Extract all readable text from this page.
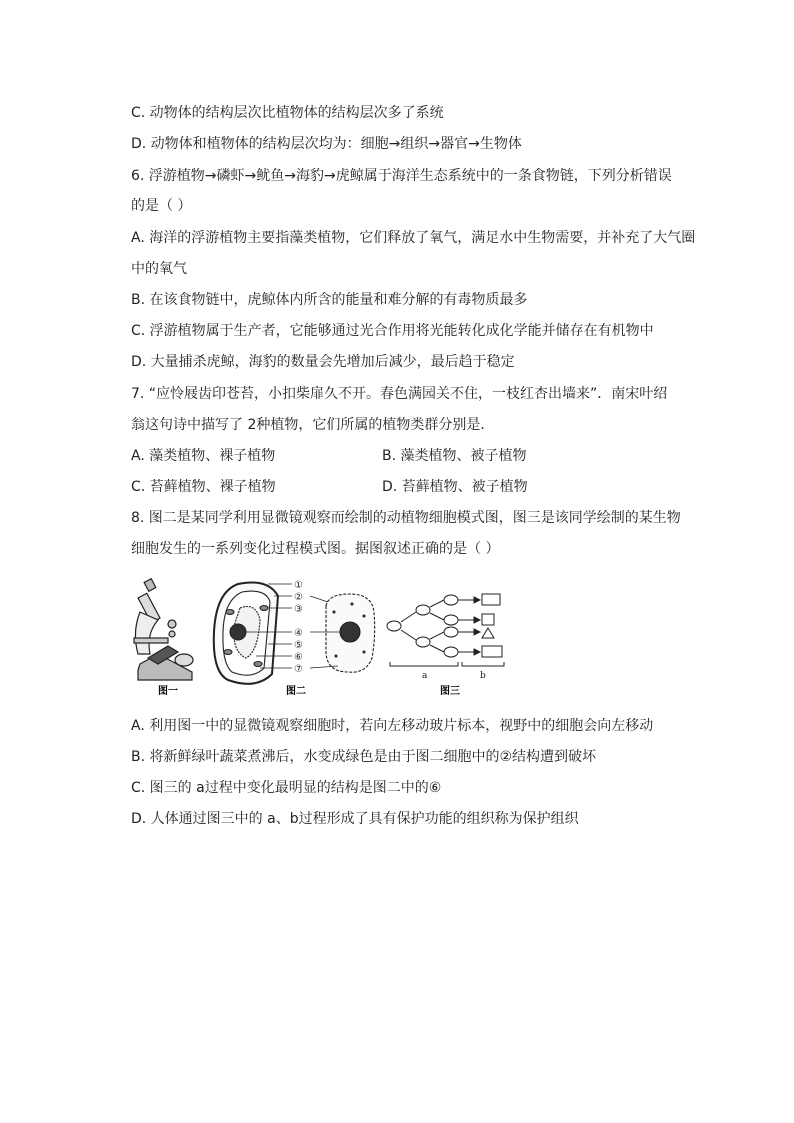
C. 动物体的结构层次比植物体的结构层次多了系统
D. 动物体和植物体的结构层次均为：细胞→组织→器官→生物体
6. 浮游植物→磷虾→鱿鱼→海豹→虎鲸属于海洋生态系统中的一条食物链，下列分析错误
的是（ ）
A. 海洋的浮游植物主要指藻类植物，它们释放了氧气，满足水中生物需要，并补充了大气圈
中的氧气
B. 在该食物链中，虎鲸体内所含的能量和难分解的有毒物质最多
C. 浮游植物属于生产者，它能够通过光合作用将光能转化成化学能并储存在有机物中
D. 大量捕杀虎鲸，海豹的数量会先增加后减少，最后趋于稳定
7. “应怜屐齿印苍苔，小扣柴扉久不开。春色满园关不住，一枝红杏出墙来”．南宋叶绍
翁这句诗中描写了 2种植物，它们所属的植物类群分别是．
A. 藻类植物、裸子植物	B. 藻类植物、被子植物
C. 苔藓植物、裸子植物	D. 苔藓植物、被子植物
8. 图二是某同学利用显微镜观察而绘制的动植物细胞模式图，图三是该同学绘制的某生物
细胞发生的一系列变化过程模式图。据图叙述正确的是（ ）
图一
①
②
③
④
⑤
⑥
⑦
图二
a	b
图三
A. 利用图一中的显微镜观察细胞时，若向左移动玻片标本，视野中的细胞会向左移动
B. 将新鲜绿叶蔬菜煮沸后，水变成绿色是由于图二细胞中的②结构遭到破坏
C. 图三的 a过程中变化最明显的结构是图二中的⑥
D. 人体通过图三中的 a、b过程形成了具有保护功能的组织称为保护组织
